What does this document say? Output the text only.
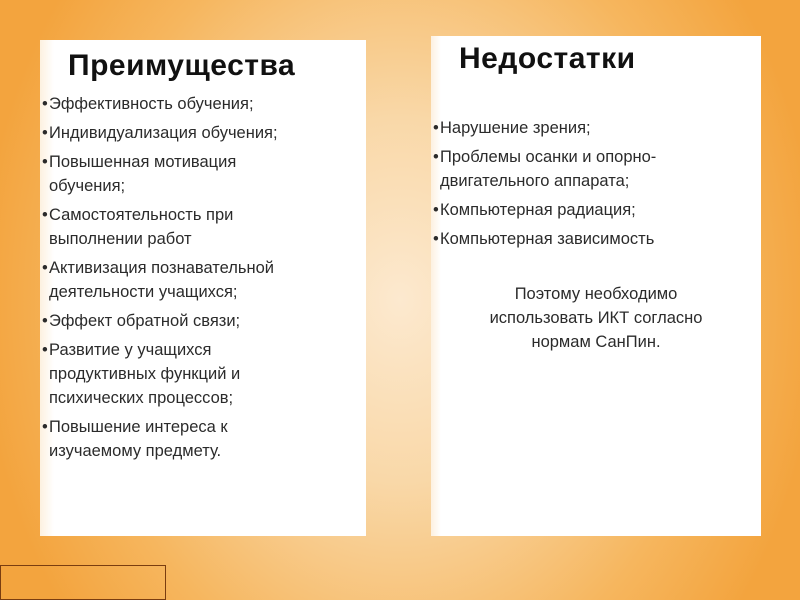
Преимущества
• Эффективность обучения;
• Индивидуализация обучения;
• Повышенная мотивация обучения;
• Самостоятельность при выполнении работ
• Активизация познавательной деятельности учащихся;
• Эффект обратной связи;
• Развитие у учащихся продуктивных функций и психических процессов;
• Повышение интереса к изучаемому предмету.
Недостатки
• Нарушение зрения;
• Проблемы осанки и опорно-двигательного аппарата;
• Компьютерная радиация;
• Компьютерная зависимость
Поэтому необходимо использовать ИКТ согласно нормам СанПин.
